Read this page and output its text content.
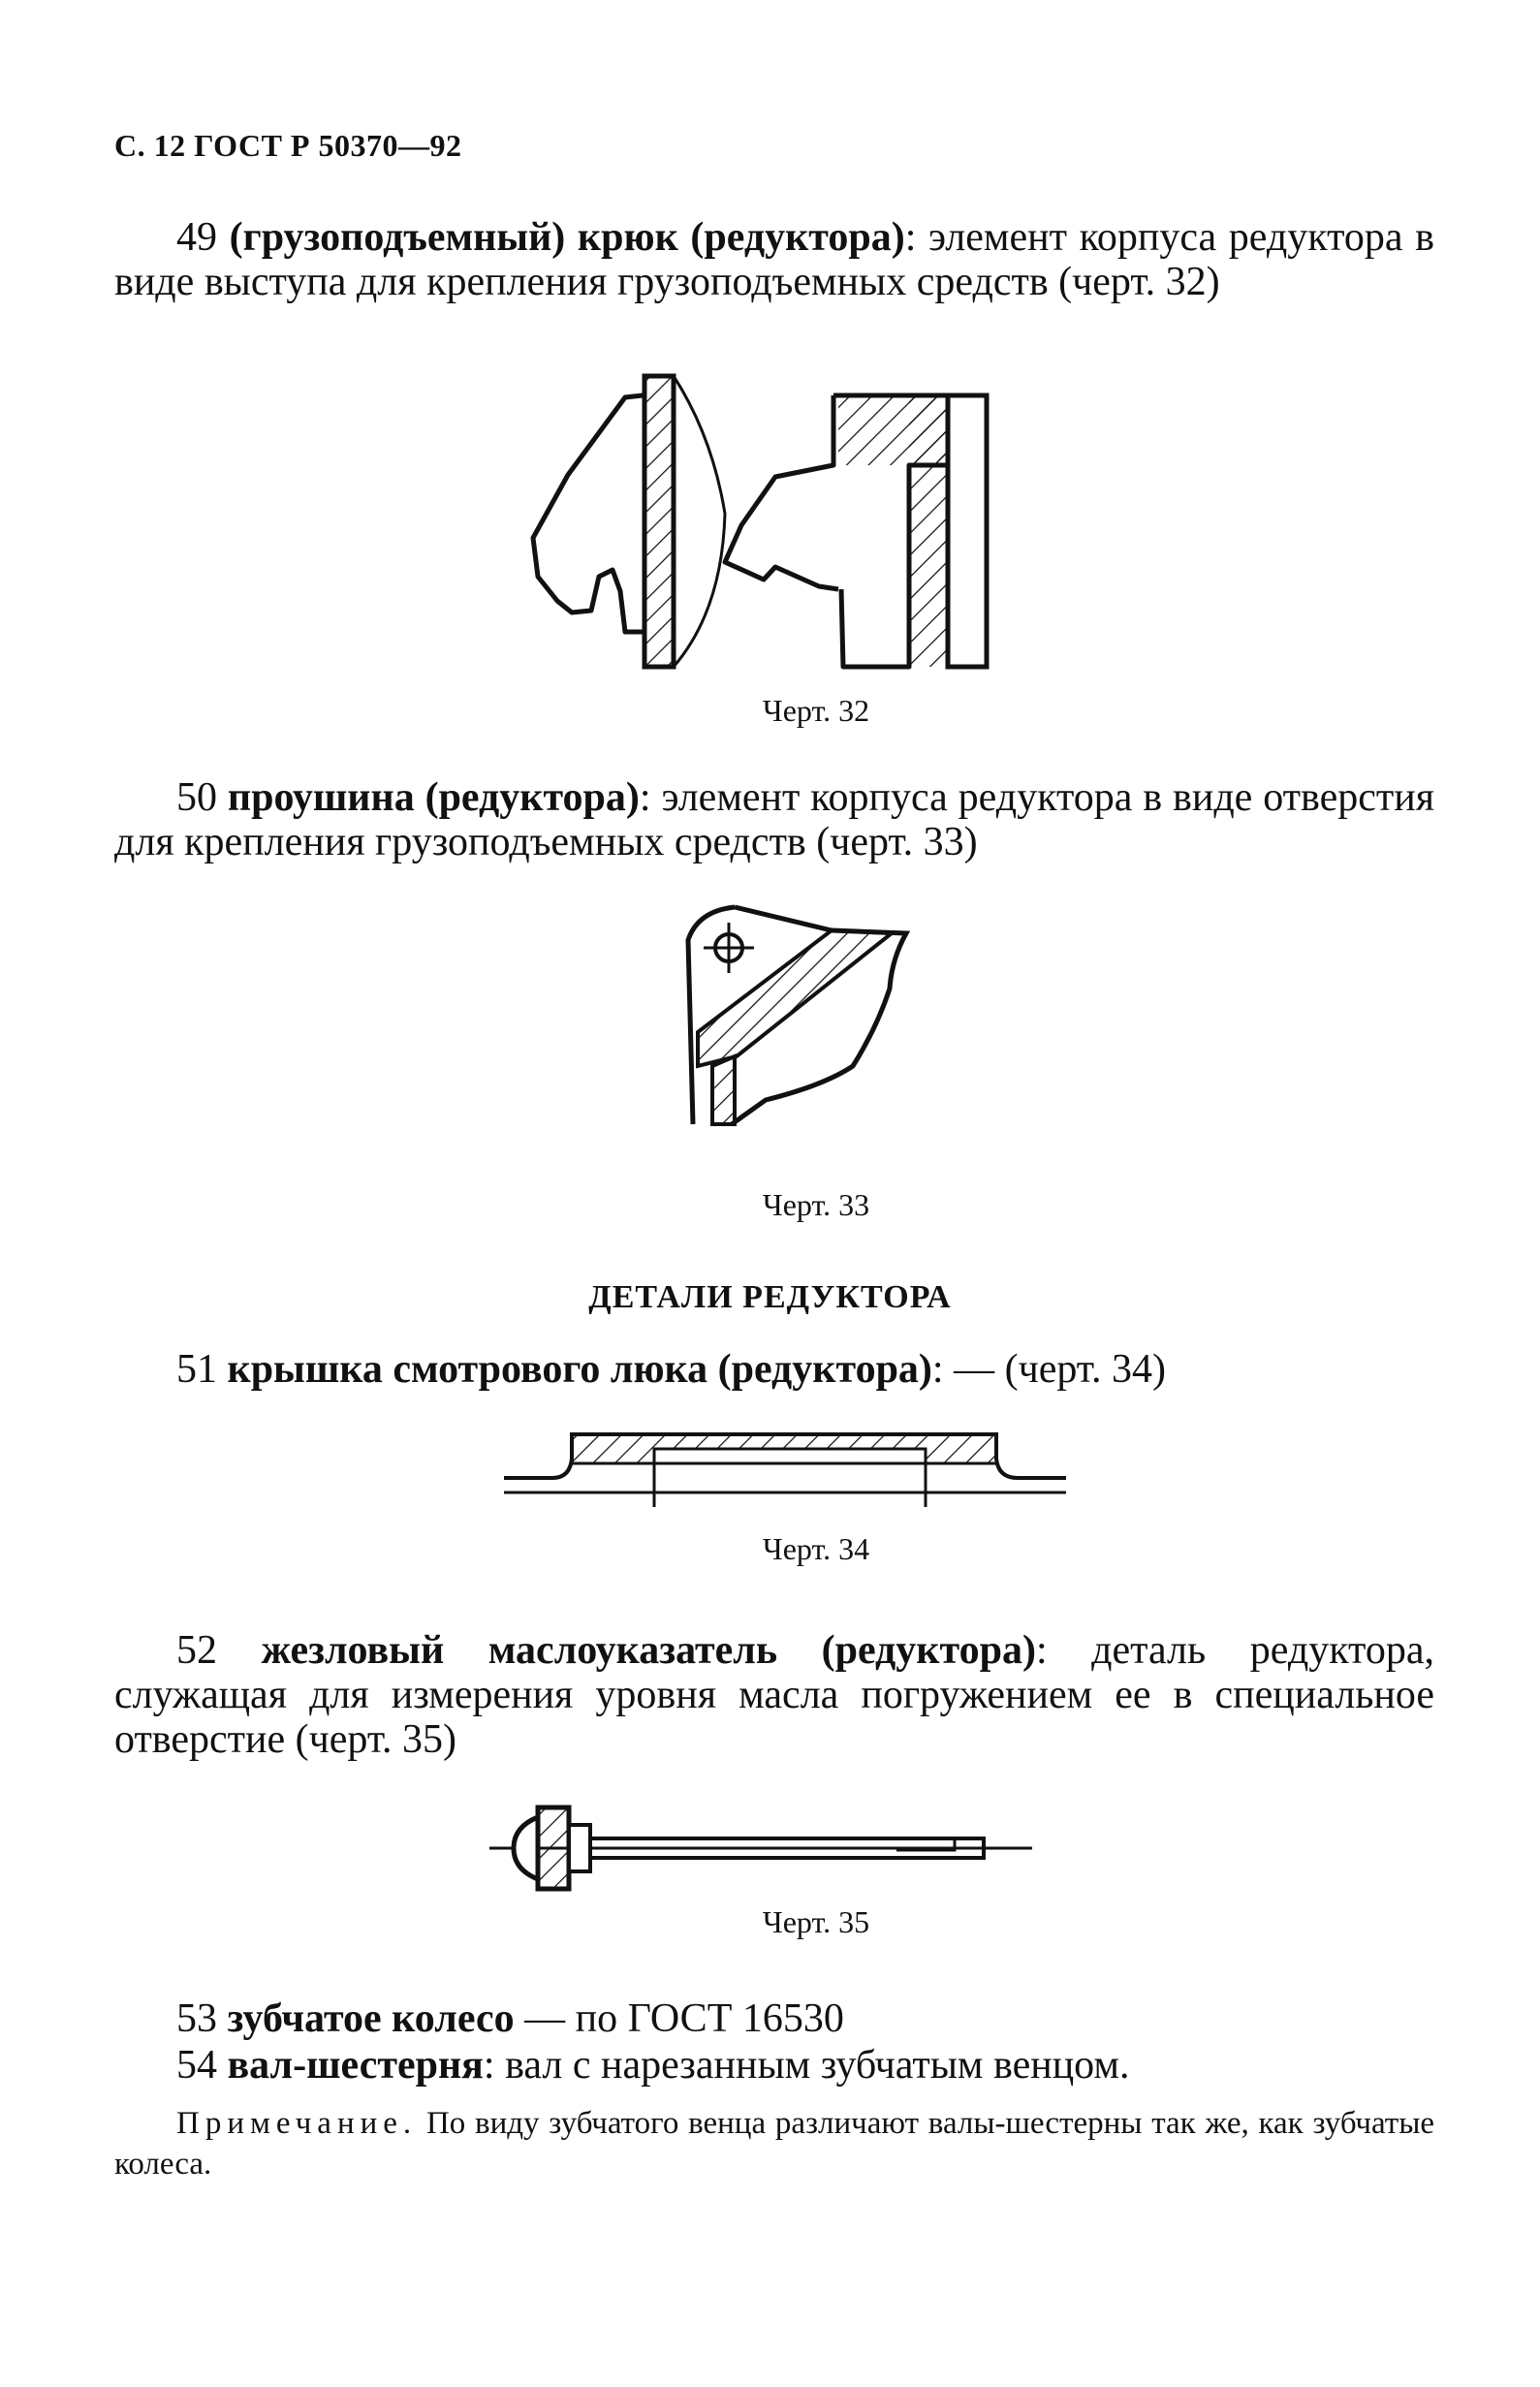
С. 12 ГОСТ Р 50370—92
49 (грузоподъемный) крюк (редуктора): элемент корпуса редуктора в виде выступа для крепления грузоподъемных средств (черт. 32)
Черт. 32
50 проушина (редуктора): элемент корпуса редуктора в виде отверстия для крепления грузоподъемных средств (черт. 33)
Черт. 33
ДЕТАЛИ РЕДУКТОРА
51 крышка смотрового люка (редуктора): — (черт. 34)
Черт. 34
52 жезловый маслоуказатель (редуктора): деталь редуктора, служащая для измерения уровня масла погружением ее в специальное отверстие (черт. 35)
Черт. 35
53 зубчатое колесо — по ГОСТ 16530
54 вал-шестерня: вал с нарезанным зубчатым венцом.
Примечание. По виду зубчатого венца различают валы-шестерны так же, как зубчатые колеса.
